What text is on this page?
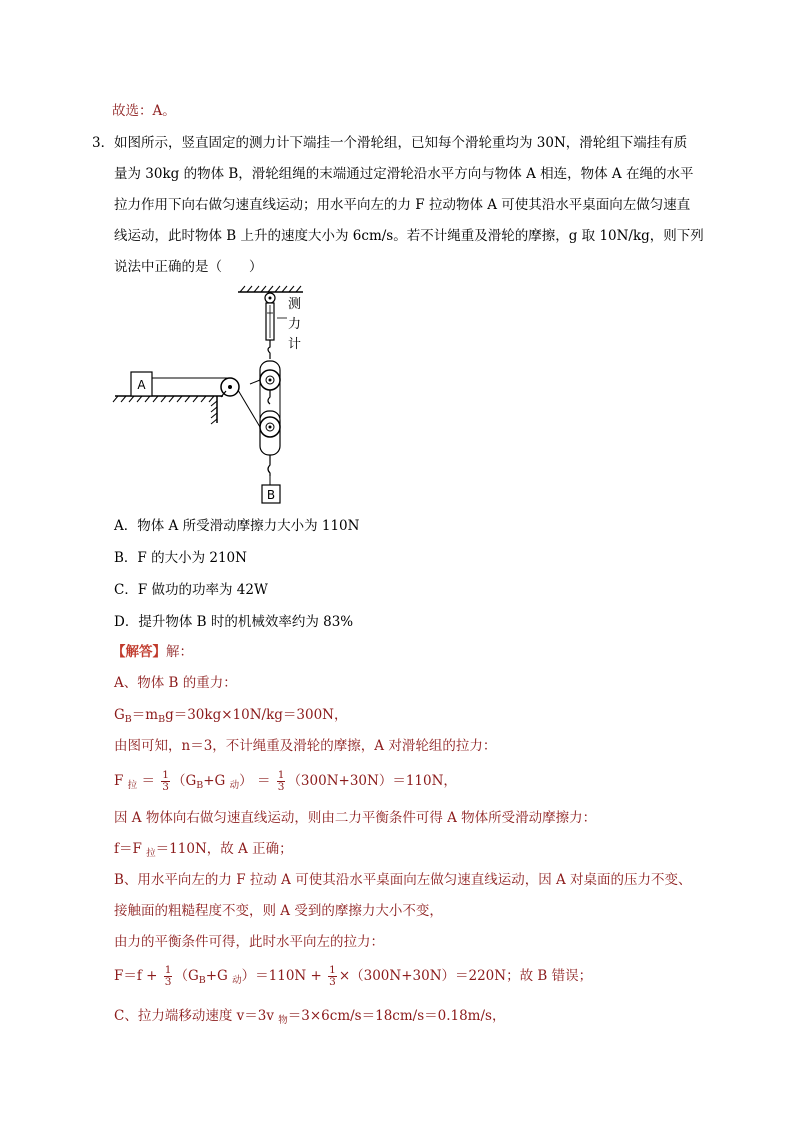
故选：A。
3． 如图所示，竖直固定的测力计下端挂一个滑轮组，已知每个滑轮重均为 30N，滑轮组下端挂有质
量为 30kg 的物体 B，滑轮组绳的末端通过定滑轮沿水平方向与物体 A 相连，物体 A 在绳的水平
拉力作用下向右做匀速直线运动；用水平向左的力 F 拉动物体 A 可使其沿水平桌面向左做匀速直
线运动，此时物体 B 上升的速度大小为 6cm/s。若不计绳重及滑轮的摩擦，g 取 10N/kg，则下列
说法中正确的是（　　）
测
力
计
A
B
A．物体 A 所受滑动摩擦力大小为 110N
B．F 的大小为 210N
C．F 做功的功率为 42W
D．提升物体 B 时的机械效率约为 83%
【解答】解：
A、物体 B 的重力：
$G_B=m_Bg=30kg\times 10N/kg=300N$，
由图可知，n＝3，不计绳重及滑轮的摩擦，A 对滑轮组的拉力：
F $_拉 = \frac{1}{3} (G_B+G$ $_动) = \frac{1}{3} (300N+30N)=110N$，
因 A 物体向右做匀速直线运动，则由二力平衡条件可得 A 物体所受滑动摩擦力：
f＝F $_拉$＝110N，故 A 正确；
B、用水平向左的力 F 拉动 A 可使其沿水平桌面向左做匀速直线运动，因 A 对桌面的压力不变、
接触面的粗糙程度不变，则 A 受到的摩擦力大小不变，
由力的平衡条件可得，此时水平向左的拉力：
$F=f + \frac{1}{3} (G_B+G$ $_动)=110N + \frac{1}{3} \times(300N+30N)=220N$；故 B 错误；
C、拉力端移动速度 v＝3v $_物$＝3×6cm/s＝18cm/s＝0.18m/s，
